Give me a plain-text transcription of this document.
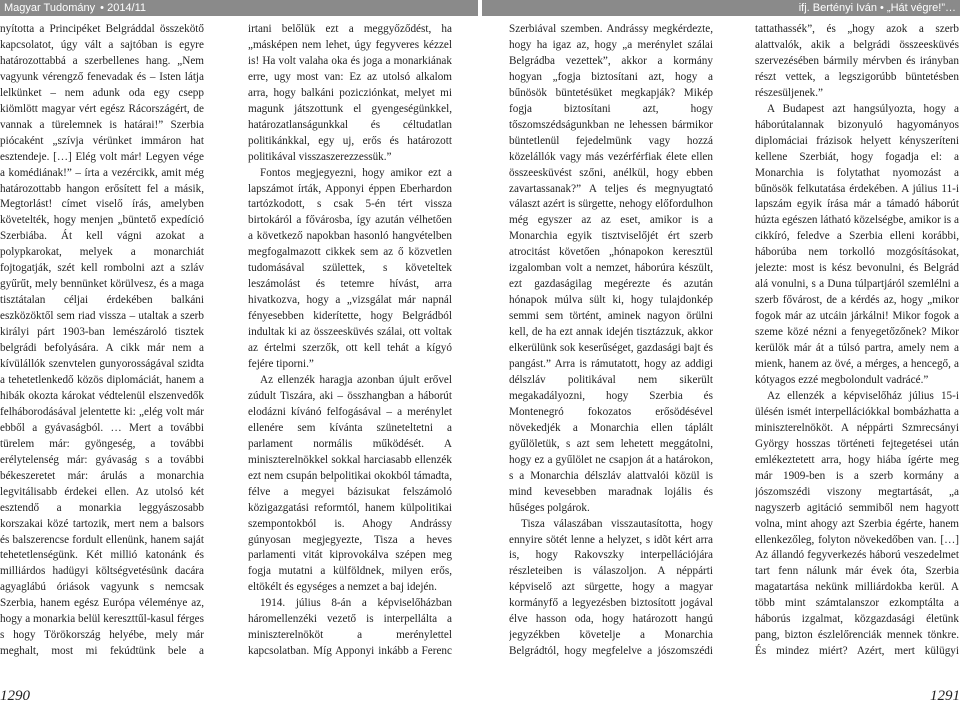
Magyar Tudomány • 2014/11	ifj. Bertényi Iván • „Hát végre!”…

nyította a Principéket Belgráddal összekötő kapcsolatot, úgy vált a sajtóban is egyre határozottabbá a szerbellenes hang. „Nem vagyunk vérengző fenevadak és – Isten látja lelkünket – nem adunk oda egy csepp kiömlött magyar vért egész Rácországért, de vannak a türelemnek is határai!” Szerbia piócaként „szívja vérünket immáron hat esztendeje. […] Elég volt már! Legyen vége a komédiának!” – írta a vezércikk, amit még határozottabb hangon erősített fel a másik, Megtorlást! címet viselő írás, amelyben követelték, hogy menjen „büntető expedíció Szerbiába. Át kell vágni azokat a polypkarokat, melyek a monarchiát fojtogatják, szét kell rombolni azt a szláv gyűrűt, mely bennünket körülvesz, és a maga tisztátalan céljai érdekében balkáni eszközöktől sem riad vissza – utaltak a szerb királyi párt 1903-ban lemészároló tisztek belgrádi befolyására. A cikk már nem a kívülállók szenvtelen gunyorosságával szidta a tehetetlenkedő közös diplomáciát, hanem a hibák okozta károkat védtelenül elszenvedők felháborodásával jelentette ki: „elég volt már ebből a gyávaságból. … Mert a további türelem már: gyöngeség, a további erélytelenség már: gyávaság s a további békeszeretet már: árulás a monarchia legvitálisabb érdekei ellen. Az utolsó két esztendő a monarkia leggyászosabb korszakai közé tartozik, mert nem a balsors és balszerencse fordult ellenünk, hanem saját tehetetlenségünk. Két millió katonánk és milliárdos hadügyi költségvetésünk dacára agyaglábú óriások vagyunk s nemcsak Szerbia, hanem egész Európa véleménye az, hogy a monarkia belül kereszttűl-kasul férges s hogy Törökország helyébe, mely már meghalt, most mi fekúdtünk bele a

irtani belőlük ezt a meggyőződést, ha „másképen nem lehet, úgy fegyveres kézzel is! Ha volt valaha oka és joga a monarkiának erre, ugy most van: Ez az utolsó alkalom arra, hogy balkáni pozicziónkat, melyet mi magunk játszottunk el gyengeségünkkel, határozatlanságunkkal és céltudatlan politikánkkal, egy uj, erős és határozott politikával visszaszerezzessük.”

Fontos megjegyezni, hogy amikor ezt a lapszámot írták, Apponyi éppen Eberhardon tartózkodott, s csak 5-én tért vissza birtokáról a fővárosba, így azután vélhetően a következő napokban hasonló hangvételben megfogalmazott cikkek sem az ő közvetlen tudomásával születtek, s követeltek leszámolást és tetemre hívást, arra hivatkozva, hogy a „vizsgálat már napnál fényesebben kiderítette, hogy Belgrádból indultak ki az összeesküvés szálai, ott voltak az értelmi szerzők, ott kell tehát a kígyó fejére tiporni.”

Az ellenzék haragja azonban újult erővel zúdult Tiszára, aki – összhangban a háborút elodázni kívánó felfogásával – a merénylet ellenére sem kívánta szüneteltetni a parlament normális működését. A miniszterelnökkel sokkal harciasabb ellenzék ezt nem csupán belpolitikai okokból támadta, félve a megyei bázisukat felszámoló közigazgatási reformtól, hanem külpolitikai szempontokból is. Ahogy Andrássy gúnyosan megjegyezte, Tisza a heves parlamenti vitát kiprovokálva szépen meg fogja mutatni a külföldnek, milyen erős, eltökélt és egységes a nemzet a baj idején.

1914. július 8-án a képviselőházban háromellenzéki vezető is interpellálta a miniszterelnököt a merénylettel kapcsolatban. Míg Apponyi inkább a Ferenc

Szerbiával szemben. Andrássy megkérdezte, hogy ha igaz az, hogy „a merénylet szálai Belgrádba vezettek”, akkor a kormány hogyan „fogja biztosítani azt, hogy a bűnösök büntetésüket megkapják? Mikép fogja biztosítani azt, hogy tőszomszédságunkban ne lehessen bármikor büntetlenül fejedelmünk vagy hozzá közelállók vagy más vezérférfiak élete ellen összeesküvést szőni, anélkül, hogy ebben zavartassanak?” A teljes és megnyugtató választ azért is sürgette, nehogy előfordulhon még egyszer az az eset, amikor is a Monarchia egyik tisztviselőjét ért szerb atrocitást követően „hónapokon keresztül izgalomban volt a nemzet, háborúra készült, ezt gazdaságilag megérezte és azután hónapok múlva sült ki, hogy tulajdonkép semmi sem történt, aminek nagyon örülni kell, de ha ezt annak idején tisztázzuk, akkor elkerülünk sok keserűséget, gazdasági bajt és pangást.” Arra is rámutatott, hogy az addigi délszláv politikával nem sikerült megakadályozni, hogy Szerbia és Montenegró fokozatos erősödésével növekedjék a Monarchia ellen táplált gyűlöletük, s azt sem lehetett meggátolni, hogy ez a gyűlölet ne csapjon át a határokon, s a Monarchia délszláv alattvalói közül is mind kevesebben maradnak lojális és hűséges polgárok.

Tisza válaszában visszautasította, hogy ennyire sötét lenne a helyzet, s idõt kért arra is, hogy Rakovszky interpellációjára részleteiben is válaszoljon. A néppárti képviselő azt sürgette, hogy a magyar kormányfő a legyezésben biztosított jogával élve hasson oda, hogy határozott hangú jegyzékben követelje a Monarchia Belgrádtól, hogy megfelelve a jószomszédi

tattathassék”, és „hogy azok a szerb alattvalók, akik a belgrádi összeesküvés szervezésében bármily mérvben és irányban részt vettek, a legszigorúbb büntetésben részesüljenek.”

A Budapest azt hangsúlyozta, hogy a háborútalannak bizonyuló hagyományos diplomáciai frázisok helyett kényszeríteni kellene Szerbiát, hogy fogadja el: a Monarchia is folytathat nyomozást a bűnösök felkutatása érdekében. A július 11-i lapszám egyik írása már a támadó háborút húzta egészen látható közelségbe, amikor is a cikkíró, feledve a Szerbia elleni korábbi, háborúba nem torkolló mozgósításokat, jelezte: most is kész bevonulni, és Belgrád alá vonulni, s a Duna túlpartjáról szemlélni a szerb fővárost, de a kérdés az, hogy „mikor fogok már az utcáin járkálni! Mikor fogok a szeme közé nézni a fenyegetőzőnek? Mikor kerülök már át a túlsó partra, amely nem a mienk, hanem az övé, a mérges, a hencegő, a kótyagos ezzé megbolondult vadrácé.”

Az ellenzék a képviselőház július 15-i ülésén ismét interpellációkkal bombázhatta a miniszterelnököt. A néppárti Szmrecsányi György hosszas történeti fejtegetései után emlékeztetett arra, hogy hiába ígérte meg már 1909-ben is a szerb kormány a jószomszédi viszony megtartását, „a nagyszerb agitáció semmiből nem hagyott volna, mint ahogy azt Szerbia égérte, hanem ellenkezőleg, folyton növekedőben van. […] Az állandó fegyverkezés háború veszedelmet tart fenn nálunk már évek óta, Szerbia magatartása nekünk milliárdokba kerül. A több mint számtalanszor ezkomptálta a háborús izgalmat, közgazdasági életünk pang, bizton észlelőrenciák mennek tönkre. És mindez miért? Azért, mert külügyi

1290	1291
